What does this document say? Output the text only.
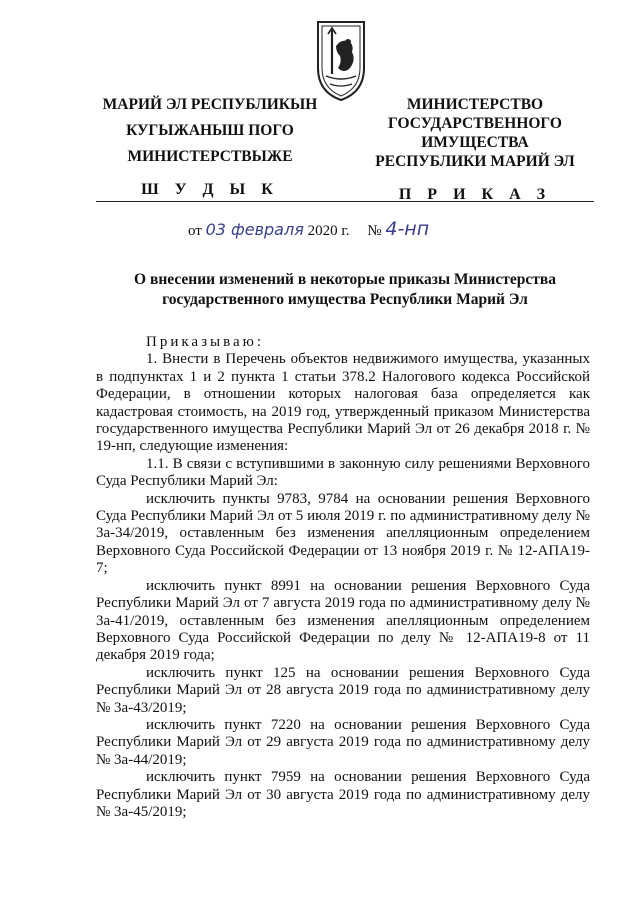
МАРИЙ ЭЛ РЕСПУБЛИКЫН
КУГЫЖАНЫШ ПОГО
МИНИСТЕРСТВЫЖЕ
Ш У Д Ы К
МИНИСТЕРСТВО
ГОСУДАРСТВЕННОГО
ИМУЩЕСТВА
РЕСПУБЛИКИ МАРИЙ ЭЛ
П Р И К А З
от 03 февраля 2020 г. № 4-нп
О внесении изменений в некоторые приказы Министерства государственного имущества Республики Марий Эл

Приказываю:

1. Внести в Перечень объектов недвижимого имущества, указанных в подпунктах 1 и 2 пункта 1 статьи 378.2 Налогового кодекса Российской Федерации, в отношении которых налоговая база определяется как кадастровая стоимость, на 2019 год, утвержденный приказом Министерства государственного имущества Республики Марий Эл от 26 декабря 2018 г. № 19-нп, следующие изменения:

1.1. В связи с вступившими в законную силу решениями Верховного Суда Республики Марий Эл:

исключить пункты 9783, 9784 на основании решения Верховного Суда Республики Марий Эл от 5 июля 2019 г. по административному делу № 3а-34/2019, оставленным без изменения апелляционным определением Верховного Суда Российской Федерации от 13 ноября 2019 г. № 12-АПА19-7;

исключить пункт 8991 на основании решения Верховного Суда Республики Марий Эл от 7 августа 2019 года по административному делу № 3а-41/2019, оставленным без изменения апелляционным определением Верховного Суда Российской Федерации по делу № 12-АПА19-8 от 11 декабря 2019 года;

исключить пункт 125 на основании решения Верховного Суда Республики Марий Эл от 28 августа 2019 года по административному делу № 3а-43/2019;

исключить пункт 7220 на основании решения Верховного Суда Республики Марий Эл от 29 августа 2019 года по административному делу № 3а-44/2019;

исключить пункт 7959 на основании решения Верховного Суда Республики Марий Эл от 30 августа 2019 года по административному делу № 3а-45/2019;
